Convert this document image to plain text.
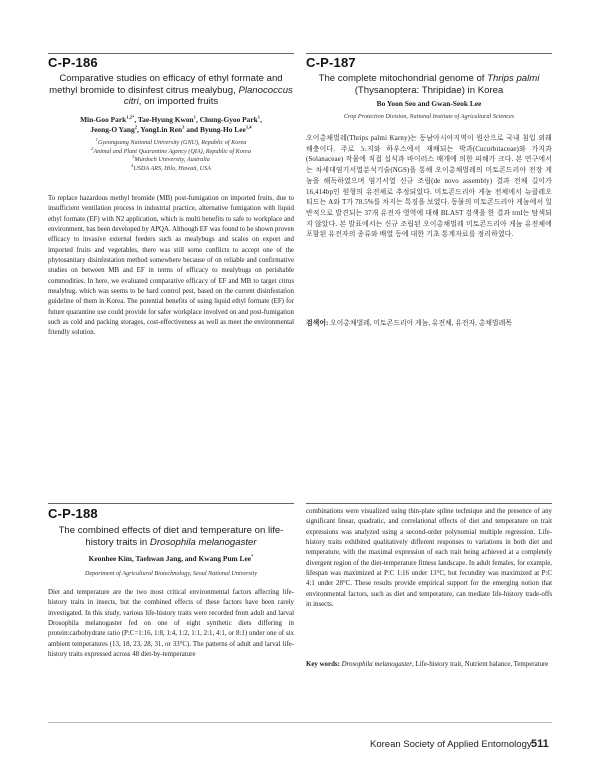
C-P-186
Comparative studies on efficacy of ethyl formate and
methyl bromide to disinfest citrus mealybug, Planococcus
citri, on imported fruits
Min-Goo Park$^{1,2*}$, Tae-Hyung Kwon$^1$, Chung-Gyoo Park$^1$,
Jeong-O Yang$^2$, YongLin Ren$^3$ and Byung-Ho Lee$^{1,4}$
$^1$Gyeongsang National University (GNU), Republic of Korea
$^2$Animal and Plant Quarantine Agency (QIA), Republic of Korea
$^3$Murdoch University, Australia
$^4$USDA ARS, Hilo, Hawaii, USA
To replace hazardous methyl bromide (MB) post-fumigation on imported fruits, due to insufficient ventilation process in industrial practice, alternative fumigation with liquid ethyl formate (EF) with N2 application, which is multi benefits to safe to workplace and environment, has been developed by APQA. Although EF was found to be shown proven efficacy to invasive external feeders such as mealybugs and scales on export and imported fruits and vegetables, there was still some conflicts to accept one of the phytosanitary disinfestation method somewhere because of on reliable and confirmative studies on between MB and EF in terms of efficacy to mealybugs on perishable commodities. In here, we evaluated comparative efficacy of EF and MB to target citrus mealybug, which was seems to be hard control pest, based on the current disinfestation guideline of them in Korea. The potential benefits of using liquid ethyl formate (EF) for future quarantine use could provide for safer workplace involved on and post-fumigation such as cold and packing storages, cost-effectiveness as well as meet the environmental friendly solution.
C-P-187
The complete mitochondrial genome of Thrips palmi
(Thysanoptera: Thripidae) in Korea
Bo Yoon Seo and Gwan-Seok Lee
Crop Protection Division, National Institute of Agricultural Sciences
오이총채벌레(Thrips palmi Karny)는 동남아시아지역이 원산으로 국내 침입 외래해충이다. 주로 노지와 하우스에서 재배되는 박과(Cucurbitaceae)와 가지과(Solanaceae) 작물에 직접 섭식과 바이러스 매개에 의한 피해가 크다. 본 연구에서는 차세대염기서열분석기술(NGS)을 통해 오이총채벌레의 미토콘드리아 전장 게놈을 해독하였으며 염기서열 신규 조립(de novo assembly) 결과 전체 길이가 16,414bp인 원형의 유전체로 추정되었다. 미토콘드리아 게놈 전체에서 뉴클레오티드는 A와 T가 78.5%를 차지는 특징을 보였다. 동물의 미토콘드리아 게놈에서 일반적으로 발견되는 37개 유전자 영역에 대해 BLAST 검색을 한 결과 trnI는 탐색되지 않았다. 본 발표에서는 신규 조립된 오이총채벌레 미토콘드리아 게놈 유전체에 포함된 유전자의 종류와 배열 등에 대한 기초 통계자료를 정리하였다.
검색어: 오이총채벌레, 미토콘드리아 게놈, 유전체, 유전자, 총채벌레목
C-P-188
The combined effects of diet and temperature on life-
history traits in Drosophila melanogaster
Keonhee Kim, Taehwan Jang, and Kwang Pum Lee*
Department of Agricultural Biotechnology, Seoul National University
Diet and temperature are the two most critical environmental factors affecting life-history traits in insects, but the combined effects of these factors have been rarely investigated. In this study, various life-history traits were recorded from adult and larval Drosophila melanogaster fed on one of eight synthetic diets differing in protein:carbohydrate ratio (P:C=1:16, 1:8, 1:4, 1:2, 1:1, 2:1, 4:1, or 8:1) under one of six ambient temperatures (13, 18, 23, 28, 31, or 33°C). The patterns of adult and larval life-history traits expressed across 48 diet-by-temperature
combinations were visualized using thin-plate spline technique and the presence of any significant linear, quadratic, and correlational effects of diet and temperature on trait expressions was analyzed using a second-order polynomial multiple regression. Life-history traits exhibited qualitatively different responses to variations in both diet and temperature, with the maximal expression of each trait being achieved at a completely divergent region of the diet-temperature fitness landscape. In adult females, for example, lifespan was maximized at P:C 1:16 under 13°C, but fecundity was maximized at P:C 4:1 under 28°C. These results provide empirical support for the emerging notion that environmental factors, such as diet and temperature, can mediate life-history trade-offs in insects.
Key words: Drosophila melanogaster, Life-history trait, Nutrient balance, Temperature
Korean Society of Applied Entomology 511
